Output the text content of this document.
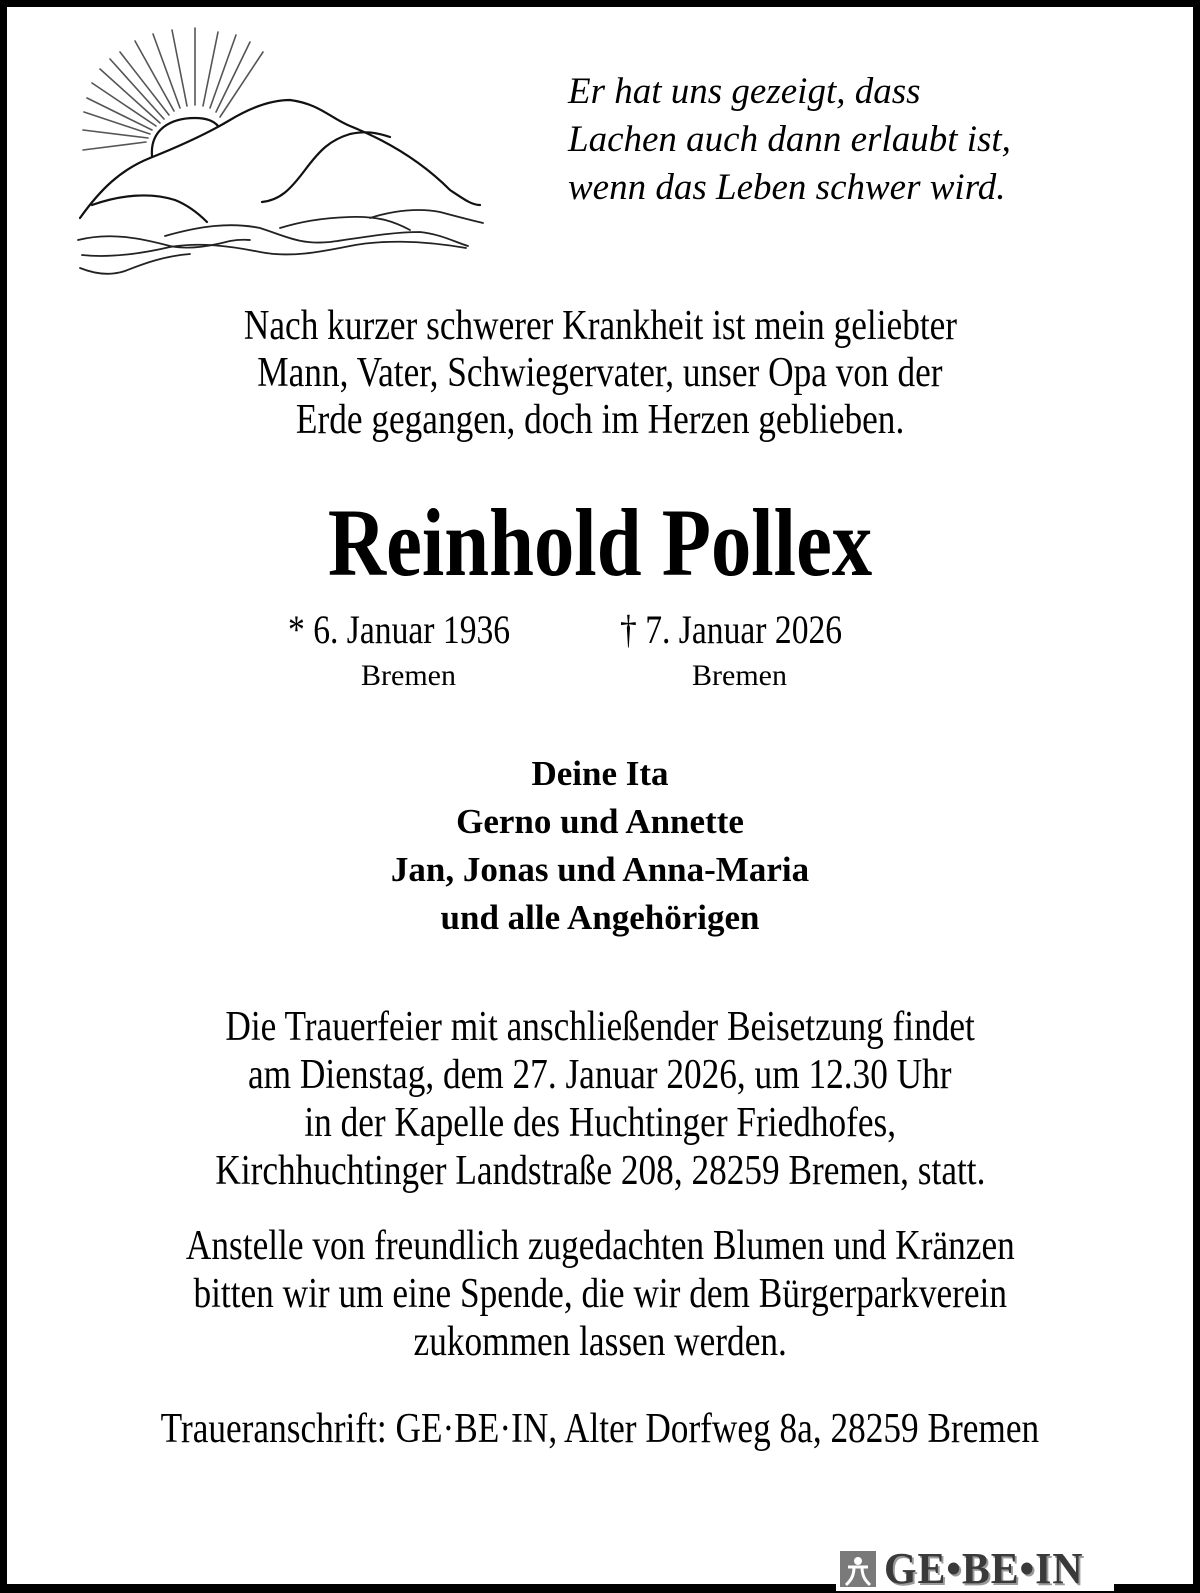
Er hat uns gezeigt, dass
Lachen auch dann erlaubt ist,
wenn das Leben schwer wird.
Nach kurzer schwerer Krankheit ist mein geliebter
Mann, Vater, Schwiegervater, unser Opa von der
Erde gegangen, doch im Herzen geblieben.
Reinhold Pollex
* 6. Januar 1936	† 7. Januar 2026
Bremen	Bremen
Deine Ita
Gerno und Annette
Jan, Jonas und Anna-Maria
und alle Angehörigen
Die Trauerfeier mit anschließender Beisetzung findet
am Dienstag, dem 27. Januar 2026, um 12.30 Uhr
in der Kapelle des Huchtinger Friedhofes,
Kirchhuchtinger Landstraße 208, 28259 Bremen, statt.
Anstelle von freundlich zugedachten Blumen und Kränzen
bitten wir um eine Spende, die wir dem Bürgerparkverein
zukommen lassen werden.
Traueranschrift: GE·BE·IN, Alter Dorfweg 8a, 28259 Bremen
GE•BE•IN
